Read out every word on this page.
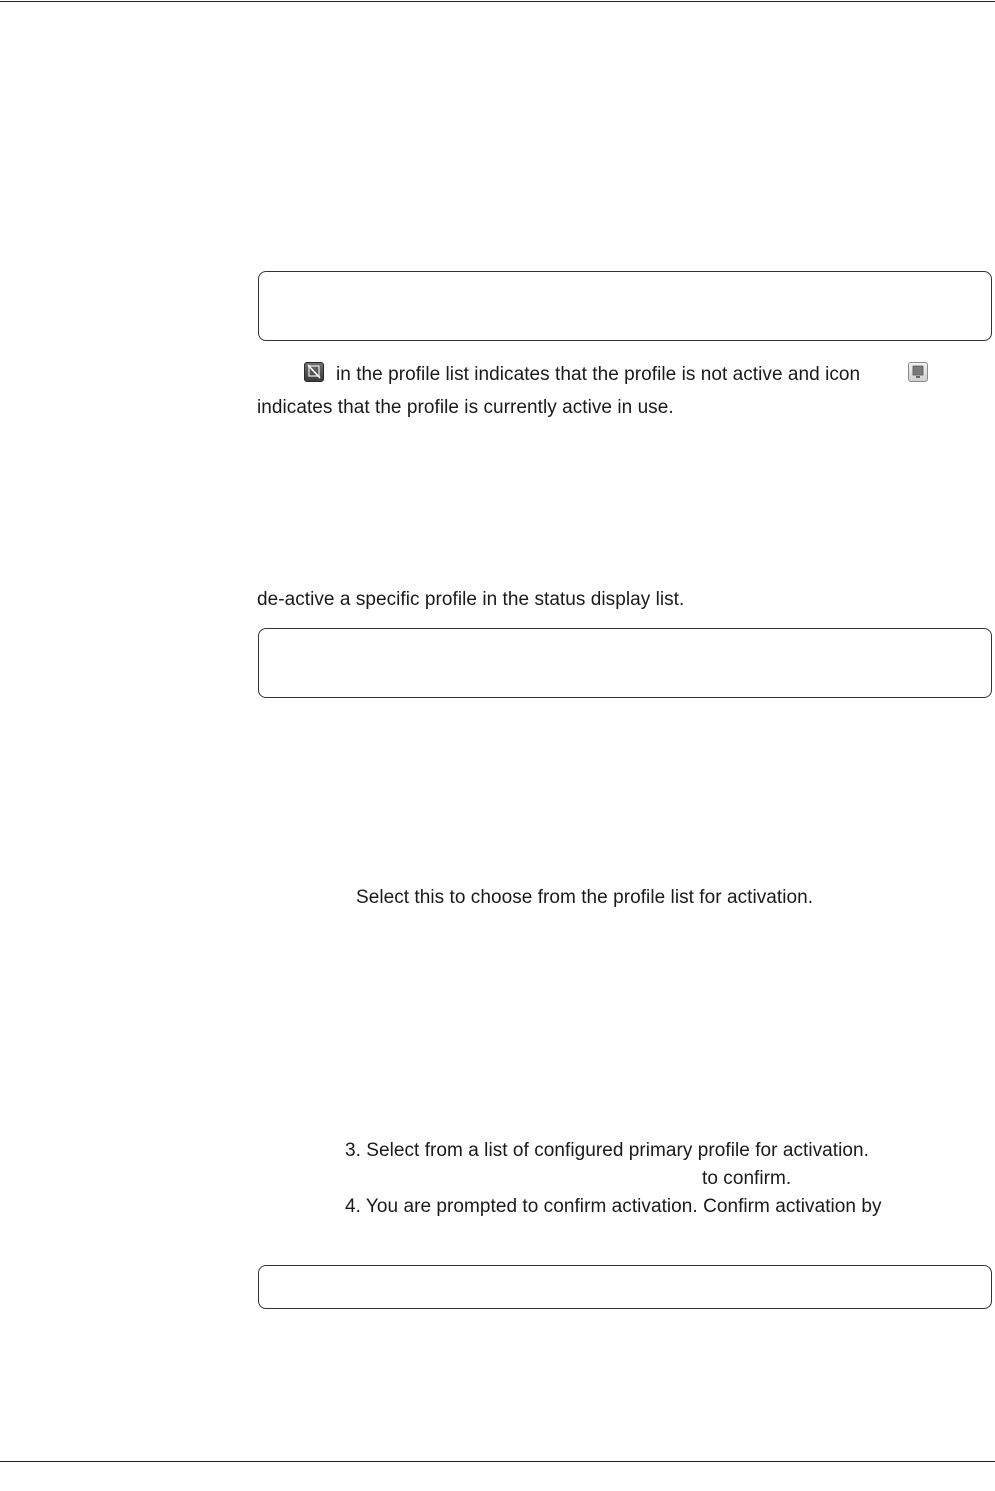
in the profile list indicates that the profile is not active and icon
indicates that the profile is currently active in use.
de-active a specific profile in the status display list.
Select this to choose from the profile list for activation.
3. Select from a list of configured primary profile for activation.
to confirm.
4. You are prompted to confirm activation. Confirm activation by
